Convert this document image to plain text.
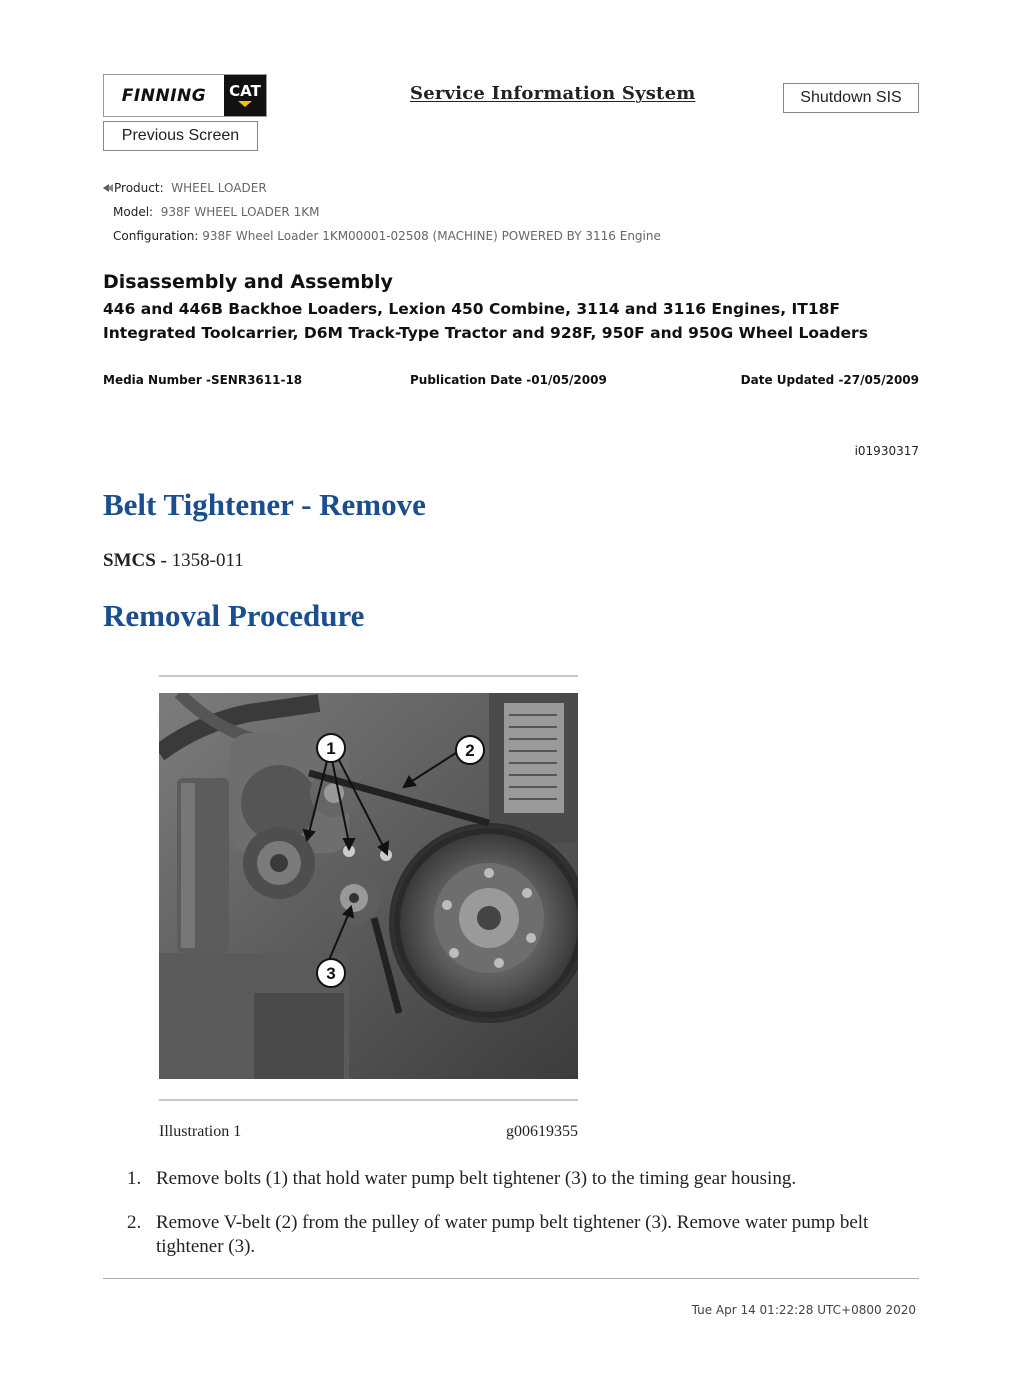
FINNING	CAT	Service Information System	Shutdown SIS
Previous Screen
Product: WHEEL LOADER
Model: 938F WHEEL LOADER 1KM
Configuration: 938F Wheel Loader 1KM00001-02508 (MACHINE) POWERED BY 3116 Engine
Disassembly and Assembly
446 and 446B Backhoe Loaders, Lexion 450 Combine, 3114 and 3116 Engines, IT18F Integrated Toolcarrier, D6M Track-Type Tractor and 928F, 950F and 950G Wheel Loaders
Media Number -SENR3611-18	Publication Date -01/05/2009	Date Updated -27/05/2009
i01930317
Belt Tightener - Remove
SMCS - 1358-011
Removal Procedure
1	2
3
Illustration 1	g00619355
1. Remove bolts (1) that hold water pump belt tightener (3) to the timing gear housing.
2. Remove V-belt (2) from the pulley of water pump belt tightener (3). Remove water pump belt tightener (3).
Tue Apr 14 01:22:28 UTC+0800 2020
